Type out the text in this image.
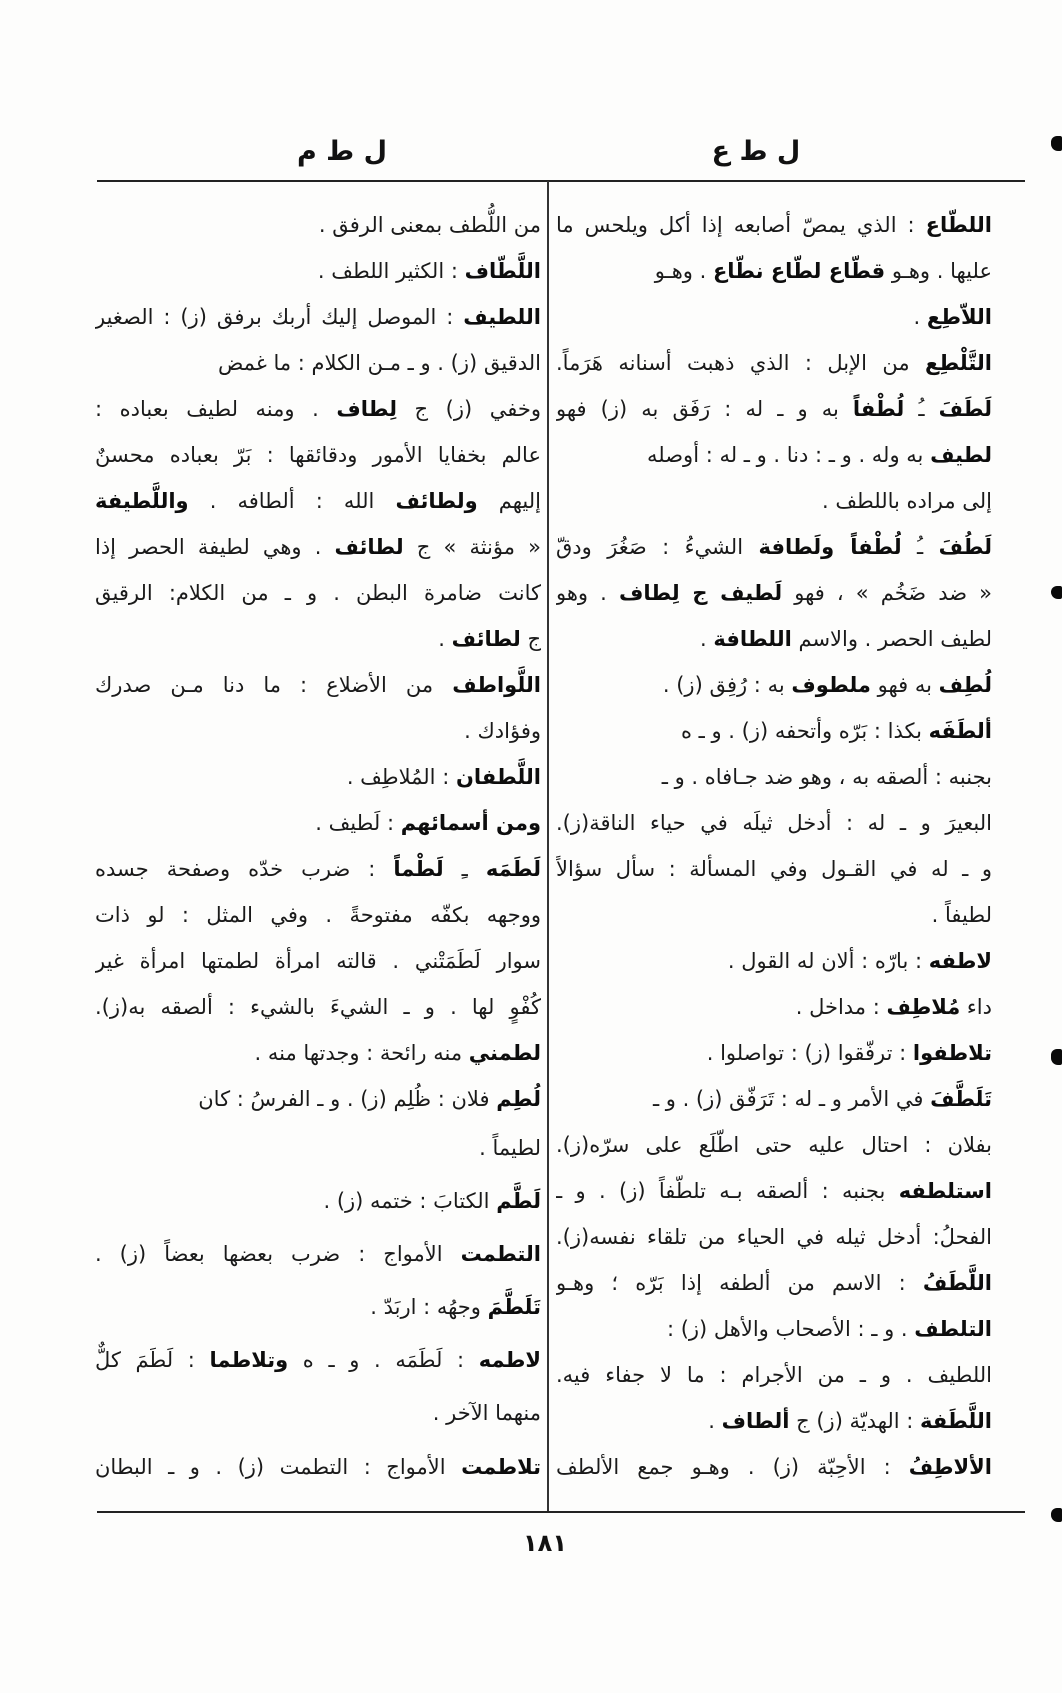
ل ط ع
ل ط م
اللطّاع : الذي يمصّ أصابعه إذا أكل ويلحس ما
عليها . وهـو قطّاع لطّاع نطّاع . وهـو
اللاّطِع .
التَّلْطِع من الإبل : الذي ذهبت أسنانه هَرَماً.
لَطَفَ ـُ لُطْفاً به و ـ له : رَفَق به (ز) فهو
لطيف به وله . و ـ : دنا . و ـ له : أوصله
إلى مراده باللطف .
لَطُفَ ـُ لُطْفاً ولَطافة الشيءُ : صَغُرَ ودقّ
« ضد ضَخُم » ، فهو لَطيف ج لِطاف . وهو
لطيف الحصر . والاسم اللطافة .
لُطِف به فهو ملطوف به : رُفِق (ز) .
ألطَفَه بكذا : بَرّه وأتحفه (ز) . و ـ ه
بجنبه : ألصقه به ، وهو ضد جـافاه . و ـ
البعيرَ و ـ له : أدخل ثيلَه في حياء الناقة(ز).
و ـ له في القـول وفي المسألة : سأل سؤالاً
لطيفاً .
لاطفه : بارّه : ألان له القول .
داء مُلاطِف : مداخل .
تلاطفوا : ترفّقوا (ز) : تواصلوا .
تَلَطَّفَ في الأمر و ـ له : تَرَفّق (ز) . و ـ
بفلان : احتال عليه حتى اطّلَع على سرّه(ز).
استلطفه بجنبه : ألصقه بـه تلطّفاً (ز) . و ـ
الفحلُ: أدخل ثيله في الحياء من تلقاء نفسه(ز).
اللَّطَفُ : الاسم من ألطفه إذا بَرّه ؛ وهـو
التلطف . و ـ : الأصحاب والأهل (ز) :
اللطيف . و ـ من الأجرام : ما لا جفاء فيه.
اللَّطَفة : الهديّة (ز) ج ألطاف .
الألاطِفُ : الأحِبّة (ز) . وهـو جمع الألطف
من اللُّطف بمعنى الرفق .
اللَّطّاف : الكثير اللطف .
اللطيف : الموصل إليك أربك برفق (ز) : الصغير
الدقيق (ز) . و ـ مـن الكلام : ما غمض
وخفي (ز) ج لِطاف . ومنه لطيف بعباده :
عالم بخفايا الأمور ودقائقها : بَرّ بعباده محسنٌ
إليهم ولطائف الله : ألطافه . واللَّطيفة
« مؤنثة » ج لطائف . وهي لطيفة الحصر إذا
كانت ضامرة البطن . و ـ من الكلام: الرقيق
ج لطائف .
اللَّواطف من الأضلاع : ما دنا مـن صدرك
وفؤادك .
اللَّطفان : المُلاطِف .
ومن أسمائهم : لَطيف .
لَطَمَه ـِ لَطْماً : ضرب خدّه وصفحة جسده
ووجهه بكفّه مفتوحةً . وفي المثل : لو ذات
سوار لَطَمَتْني . قالته امرأة لطمتها امرأة غير
كُفْوٍ لها . و ـ الشيءَ بالشيء : ألصقه به(ز).
لطمني منه رائحة : وجدتها منه .
لُطِم فلان : ظُلِم (ز) . و ـ الفرسُ : كان
لطيماً .
لَطَّم الكتابَ : ختمه (ز) .
التطمت الأمواج : ضرب بعضها بعضاً (ز) .
تَلَطَّمَ وجهُه : اربَدّ .
لاطمه : لَطَمَه . و ـ ه وتلاطما : لَطَمَ كلٌّ
منهما الآخر .
تلاطمت الأمواج : التطمت (ز) . و ـ البطان
١٨١
